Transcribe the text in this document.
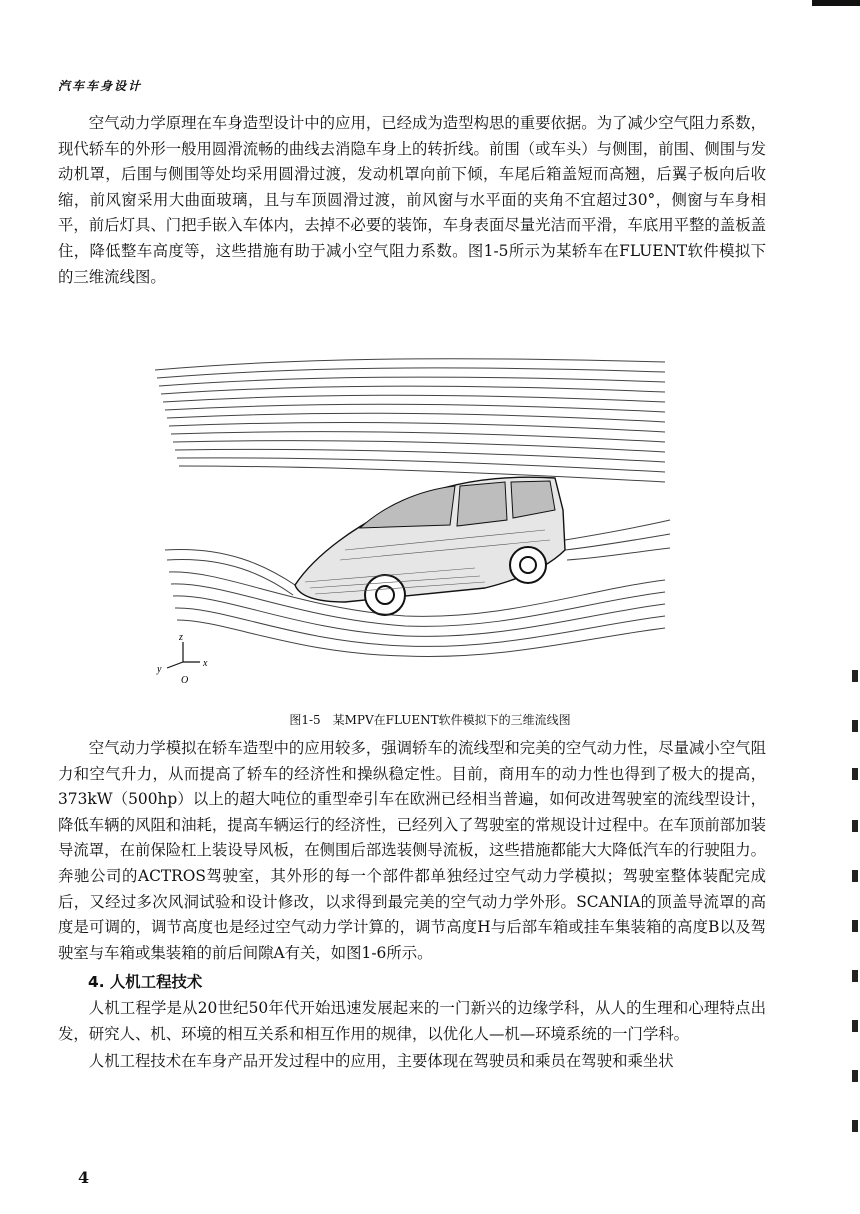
汽车车身设计

空气动力学原理在车身造型设计中的应用，已经成为造型构思的重要依据。为了减少空气阻力系数，现代轿车的外形一般用圆滑流畅的曲线去消隐车身上的转折线。前围（或车头）与侧围，前围、侧围与发动机罩，后围与侧围等处均采用圆滑过渡，发动机罩向前下倾，车尾后箱盖短而高翘，后翼子板向后收缩，前风窗采用大曲面玻璃，且与车顶圆滑过渡，前风窗与水平面的夹角不宜超过30°，侧窗与车身相平，前后灯具、门把手嵌入车体内，去掉不必要的装饰，车身表面尽量光洁而平滑，车底用平整的盖板盖住，降低整车高度等，这些措施有助于减小空气阻力系数。图1-5所示为某轿车在FLUENT软件模拟下的三维流线图。

z
y
x
O
图1-5　某MPV在FLUENT软件模拟下的三维流线图

空气动力学模拟在轿车造型中的应用较多，强调轿车的流线型和完美的空气动力性，尽量减小空气阻力和空气升力，从而提高了轿车的经济性和操纵稳定性。目前，商用车的动力性也得到了极大的提高，373kW（500hp）以上的超大吨位的重型牵引车在欧洲已经相当普遍，如何改进驾驶室的流线型设计，降低车辆的风阻和油耗，提高车辆运行的经济性，已经列入了驾驶室的常规设计过程中。在车顶前部加装导流罩，在前保险杠上装设导风板，在侧围后部选装侧导流板，这些措施都能大大降低汽车的行驶阻力。奔驰公司的ACTROS驾驶室，其外形的每一个部件都单独经过空气动力学模拟；驾驶室整体装配完成后，又经过多次风洞试验和设计修改，以求得到最完美的空气动力学外形。SCANIA的顶盖导流罩的高度是可调的，调节高度也是经过空气动力学计算的，调节高度H与后部车箱或挂车集装箱的高度B以及驾驶室与车箱或集装箱的前后间隙A有关，如图1-6所示。

4. 人机工程技术

人机工程学是从20世纪50年代开始迅速发展起来的一门新兴的边缘学科，从人的生理和心理特点出发，研究人、机、环境的相互关系和相互作用的规律，以优化人—机—环境系统的一门学科。

人机工程技术在车身产品开发过程中的应用，主要体现在驾驶员和乘员在驾驶和乘坐状

4
